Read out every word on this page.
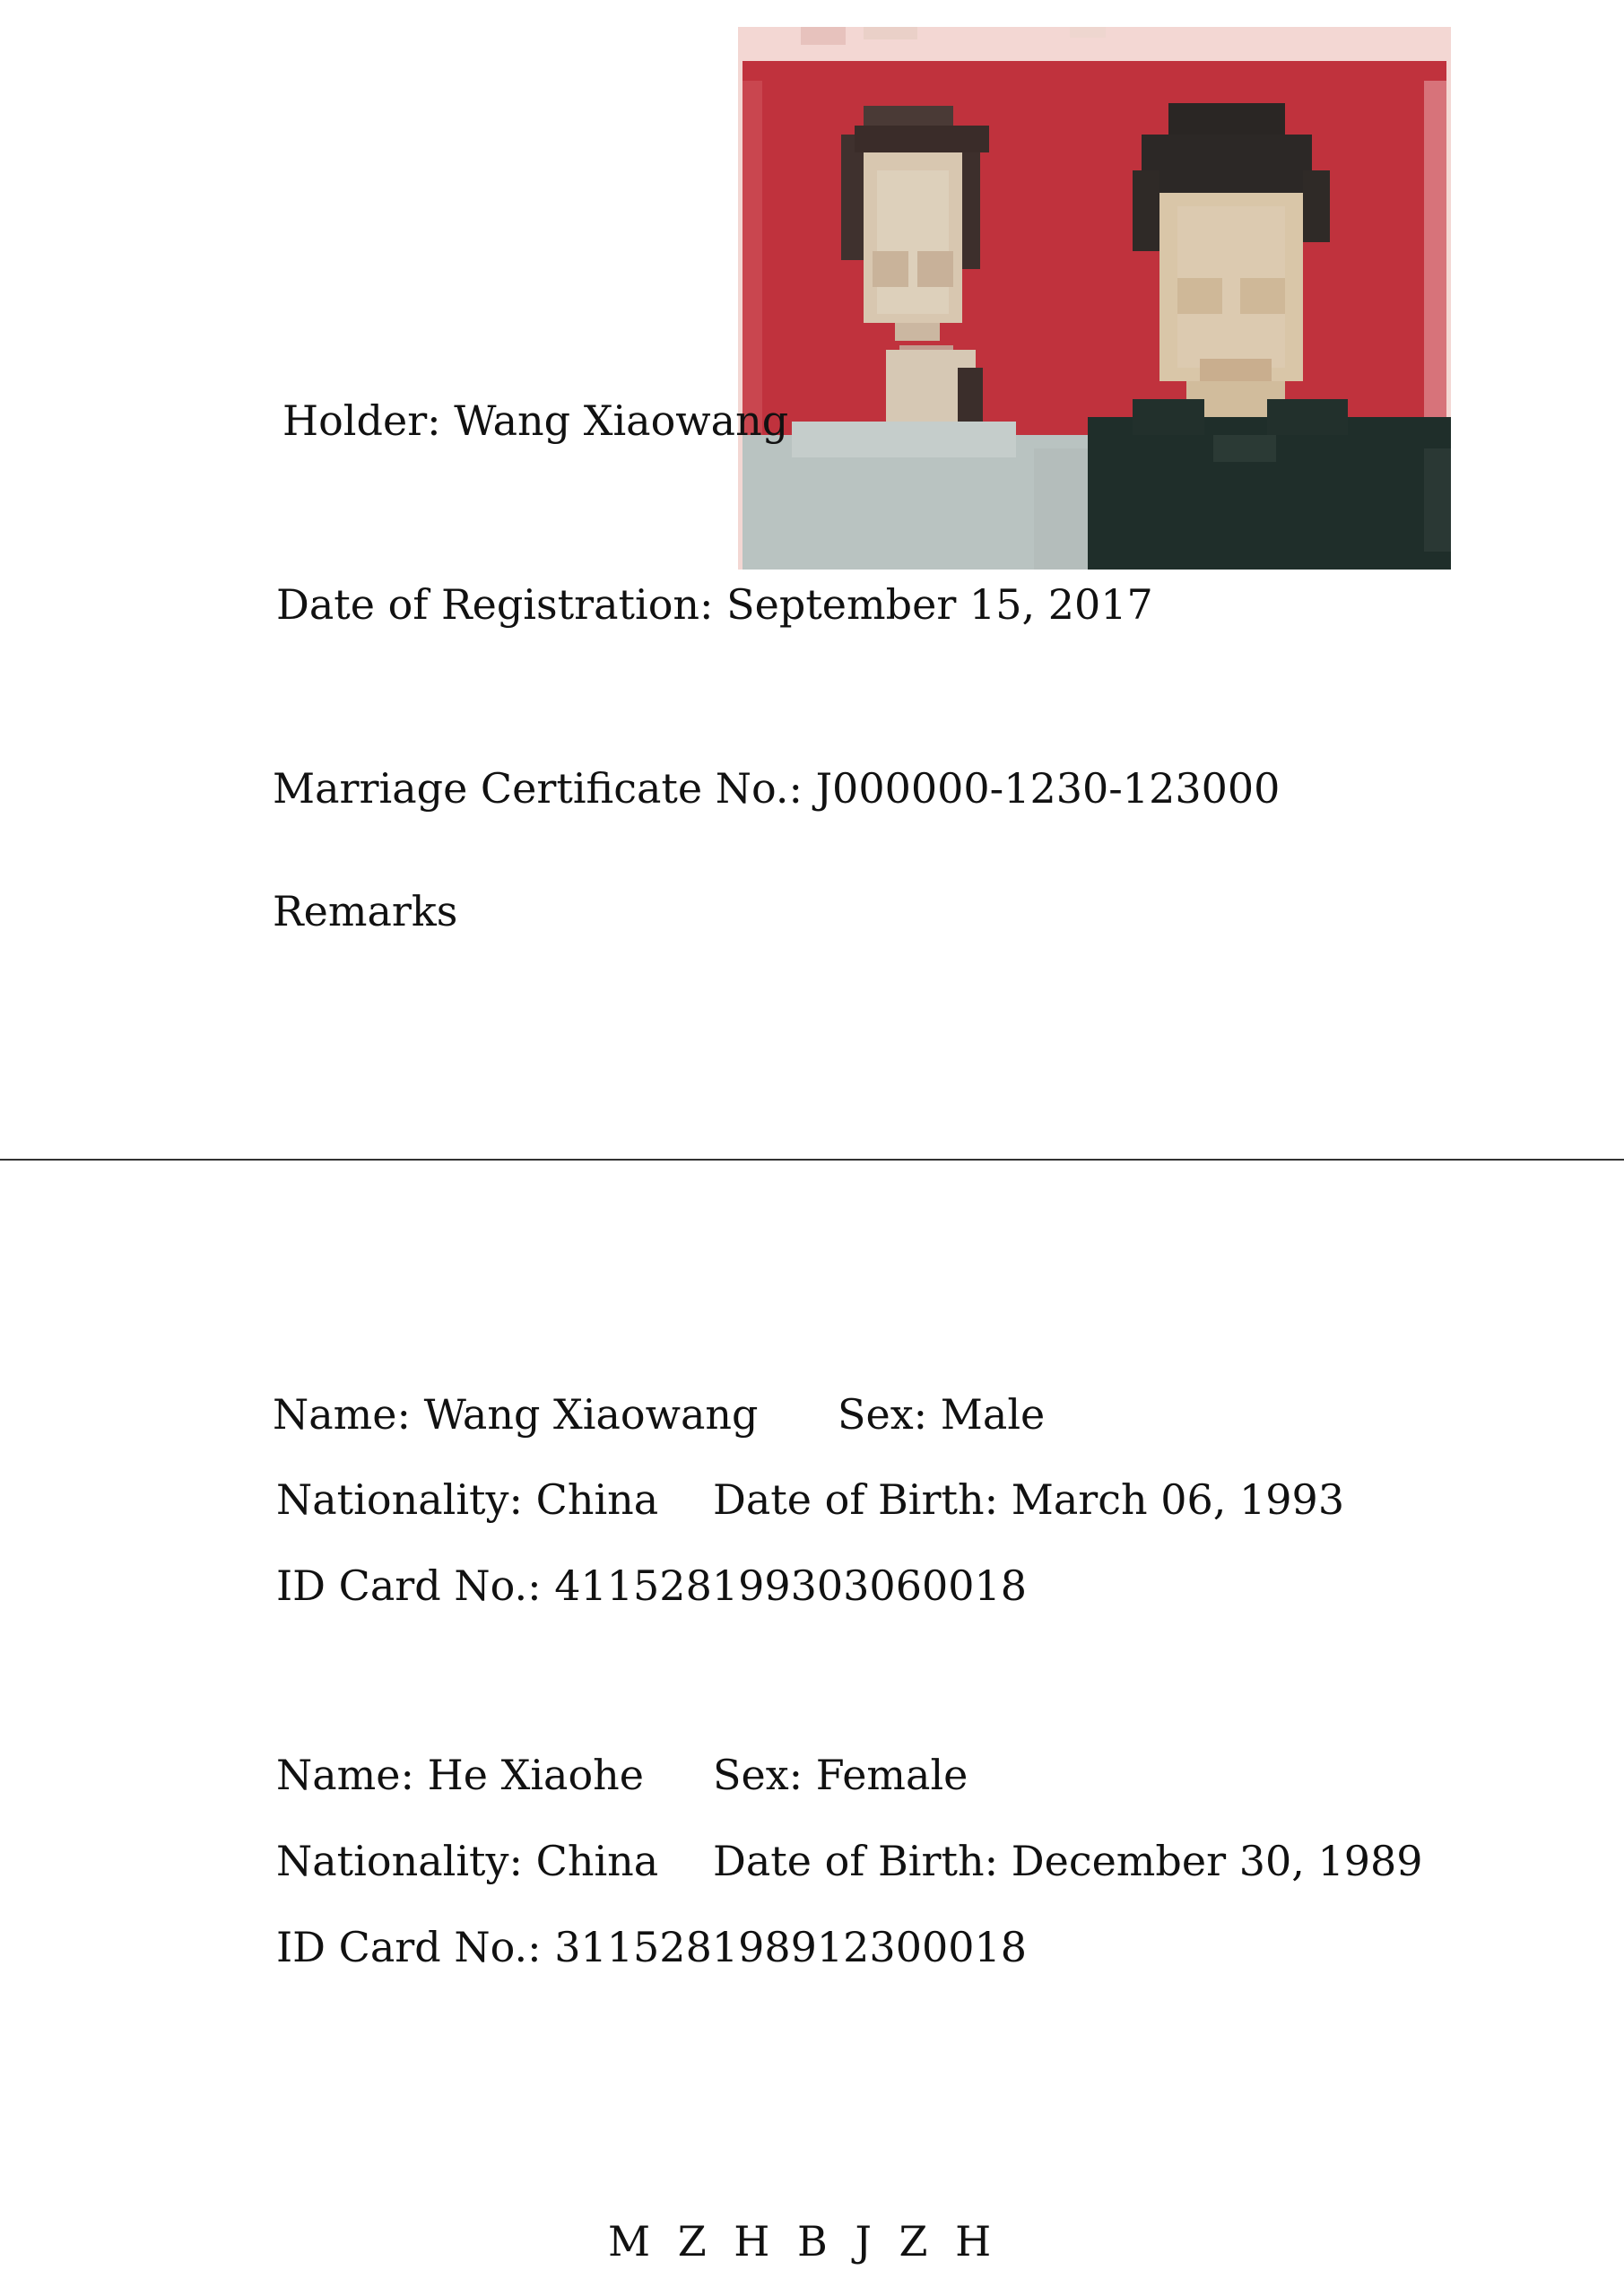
Holder: Wang Xiaowang

Date of Registration: September 15, 2017

Marriage Certificate No.: J000000-1230-123000

Remarks

Name: Wang Xiaowang Sex: Male

Nationality: China Date of Birth: March 06, 1993

ID Card No.: 411528199303060018

Name: He Xiaohe Sex: Female

Nationality: China Date of Birth: December 30, 1989

ID Card No.: 311528198912300018

M Z H B J Z H
